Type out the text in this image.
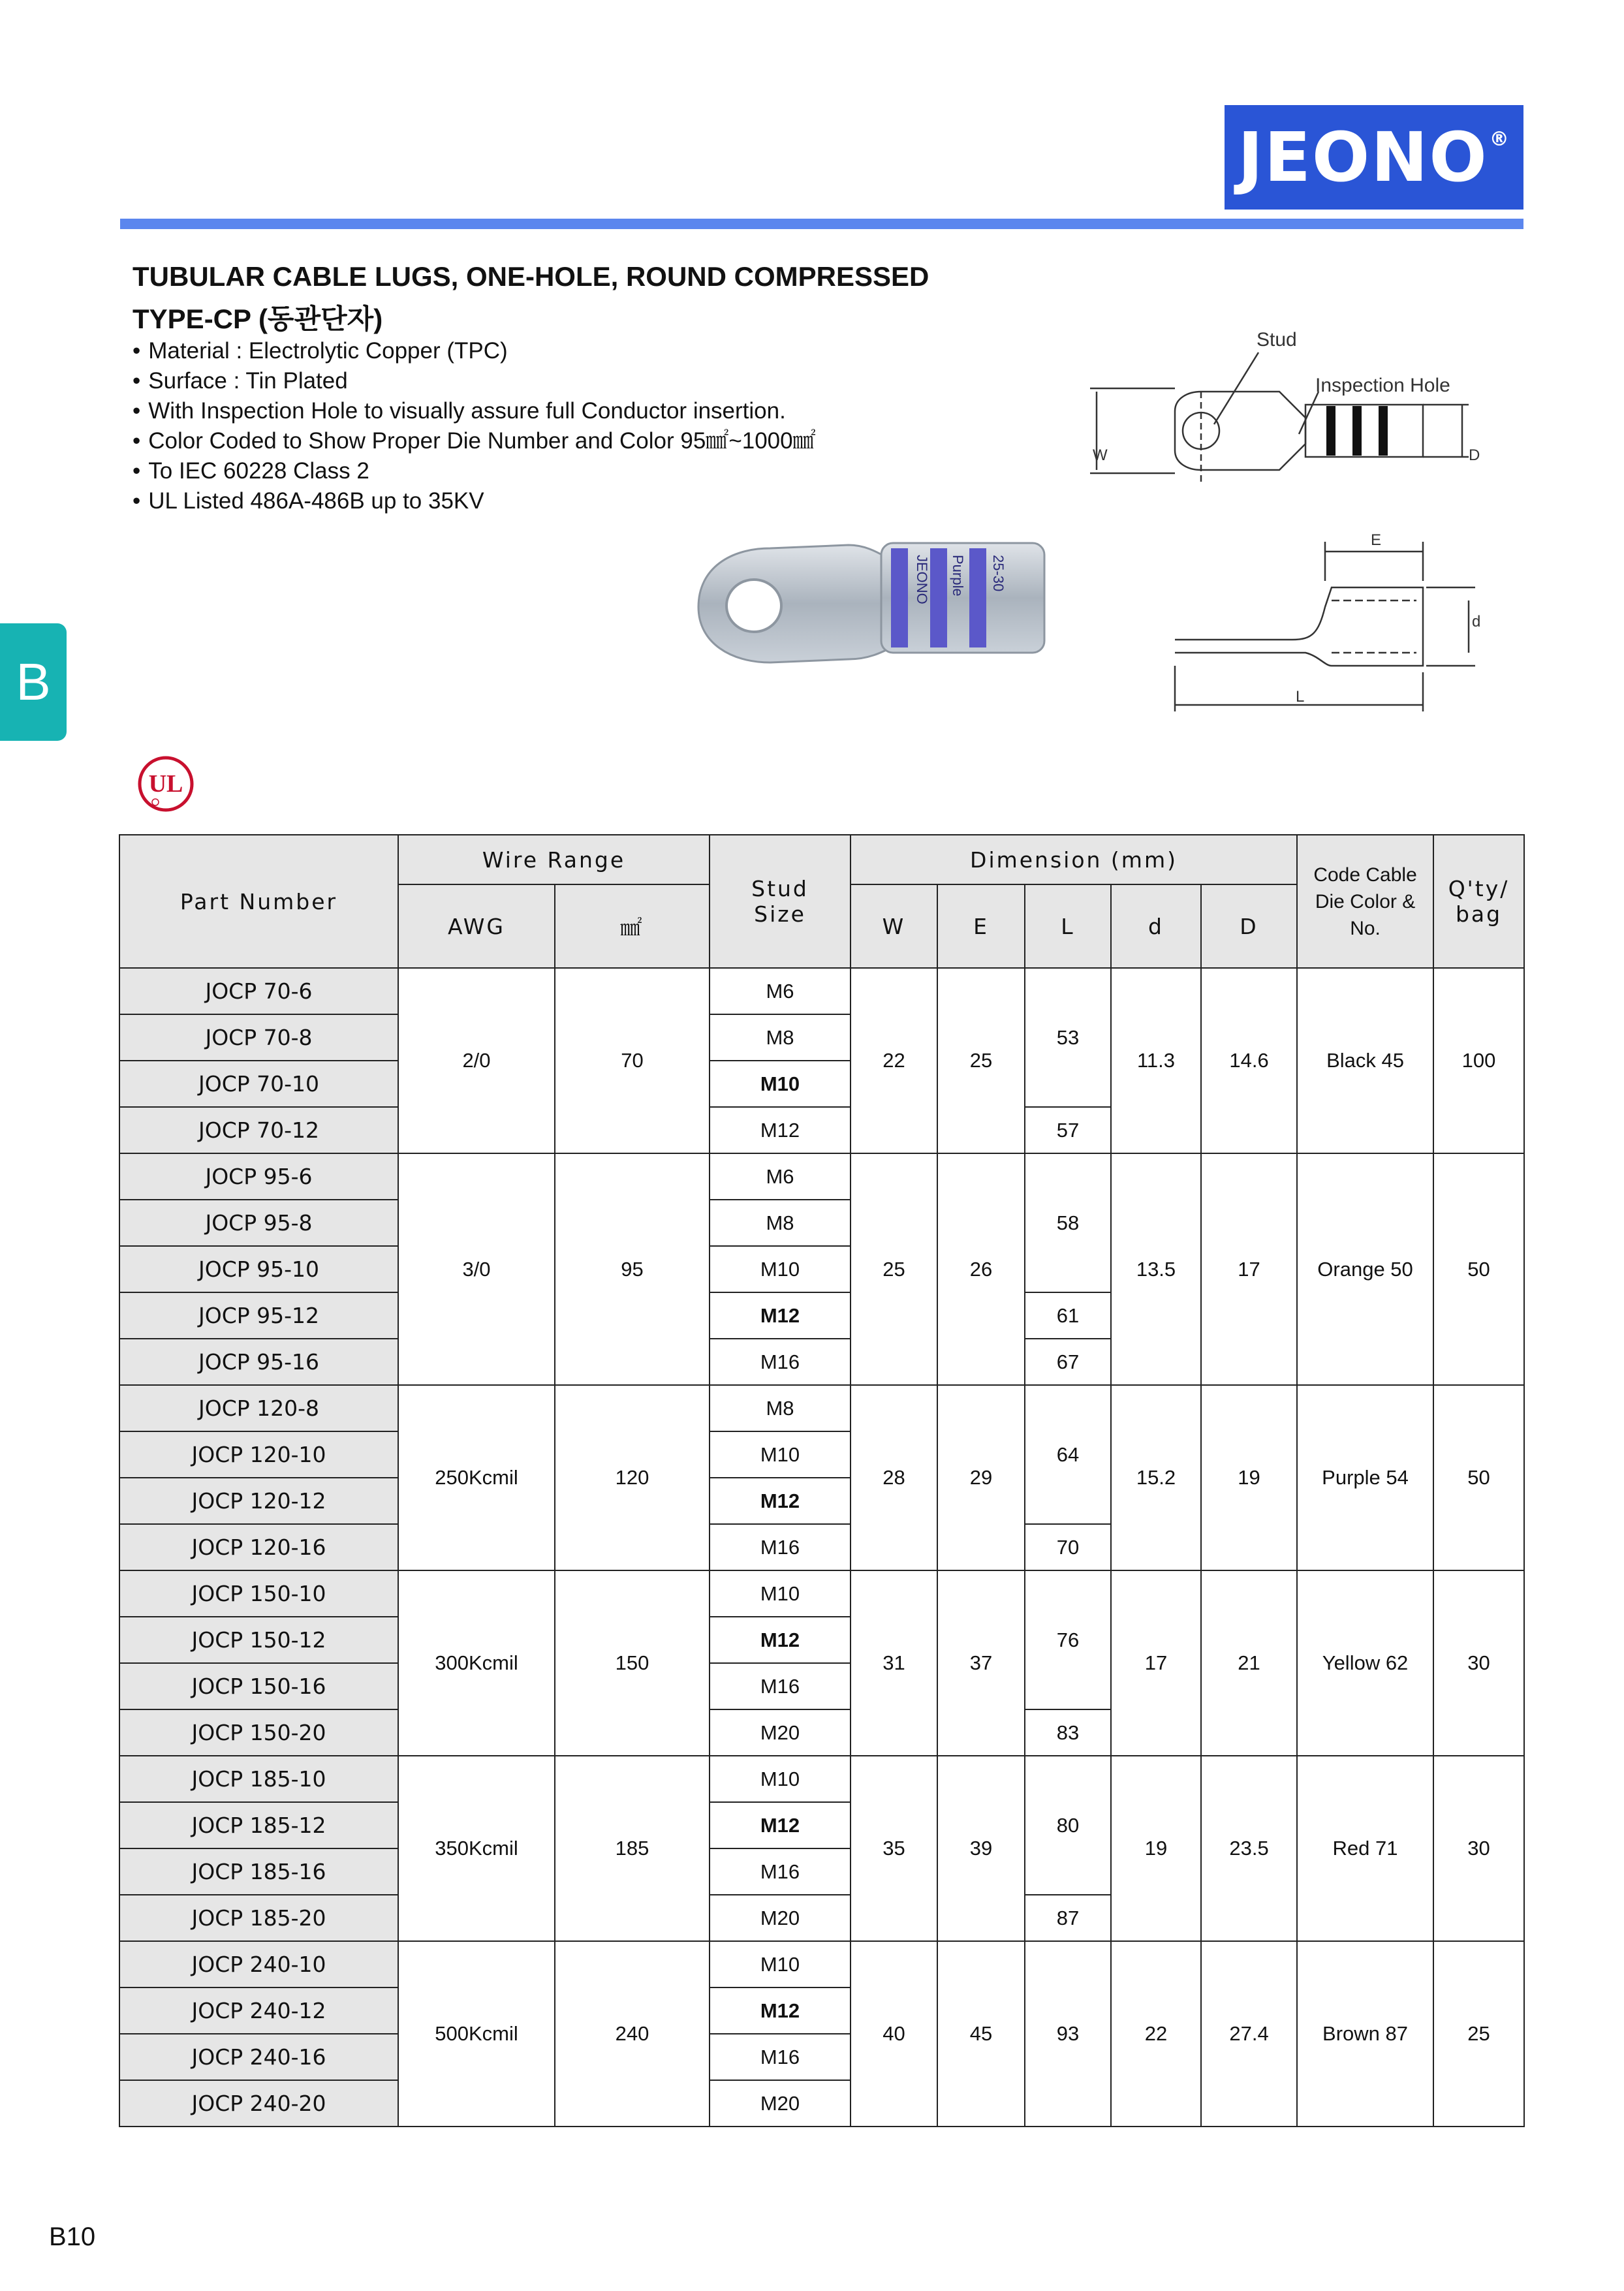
JEONO®
TUBULAR CABLE LUGS, ONE-HOLE, ROUND COMPRESSED
TYPE-CP (동관단자)
• Material : Electrolytic Copper (TPC)
• Surface : Tin Plated
• With Inspection Hole to visually assure full Conductor insertion.
• Color Coded to Show Proper Die Number and Color 95㎟~1000㎟
• To IEC 60228 Class 2
• UL Listed 486A-486B up to 35KV
B
UL
JEONO Purple 25-30
Stud
Inspection Hole
W	D
E
d
L
Part Number	Wire Range		Stud
Size	Dimension (mm)					Code Cable
Die Color &
No.	Q'ty/
bag
	AWG	㎟		W	E	L	d	D		
JOCP 70-6	2/0	70	M6	22	25	53	11.3	14.6	Black 45	100
JOCP 70-8			M8							
JOCP 70-10			M10							
JOCP 70-12			M12			57				
JOCP 95-6	3/0	95	M6	25	26	58	13.5	17	Orange 50	50
JOCP 95-8			M8							
JOCP 95-10			M10							
JOCP 95-12			M12			61				
JOCP 95-16			M16			67				
JOCP 120-8	250Kcmil	120	M8	28	29	64	15.2	19	Purple 54	50
JOCP 120-10			M10							
JOCP 120-12			M12							
JOCP 120-16			M16			70				
JOCP 150-10	300Kcmil	150	M10	31	37	76	17	21	Yellow 62	30
JOCP 150-12			M12							
JOCP 150-16			M16							
JOCP 150-20			M20			83				
JOCP 185-10	350Kcmil	185	M10	35	39	80	19	23.5	Red 71	30
JOCP 185-12			M12							
JOCP 185-16			M16							
JOCP 185-20			M20			87				
JOCP 240-10	500Kcmil	240	M10	40	45	93	22	27.4	Brown 87	25
JOCP 240-12			M12							
JOCP 240-16			M16							
JOCP 240-20			M20							
B10
